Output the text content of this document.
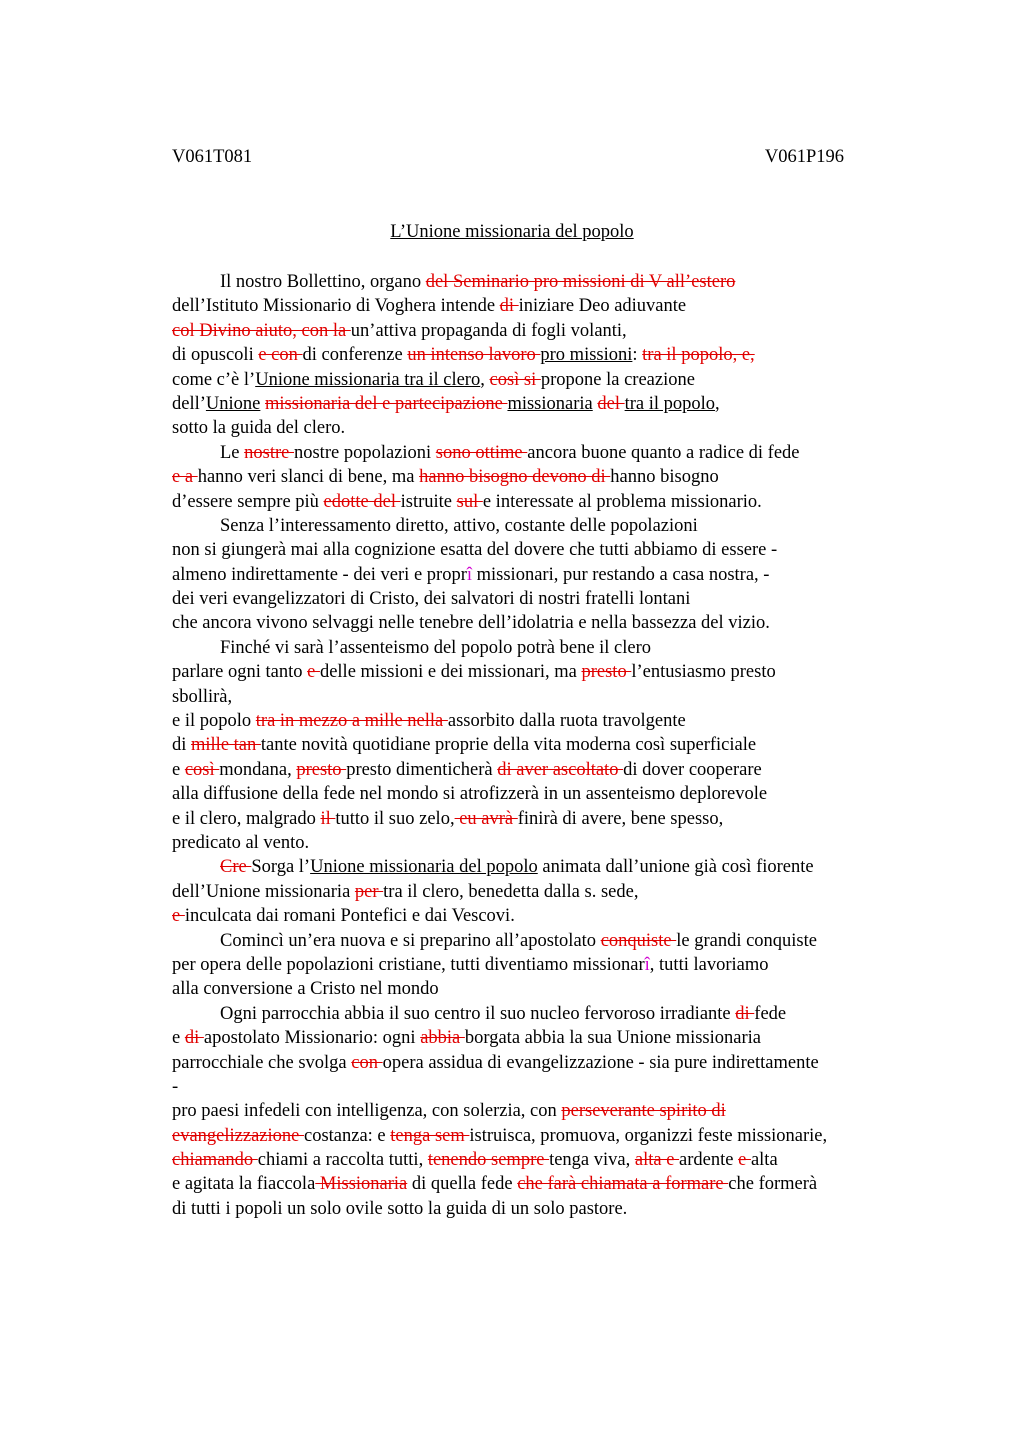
V061T081	V061P196
L’Unione missionaria del popolo
Il nostro Bollettino, organo del Seminario pro missioni di V all’estero
dell’Istituto Missionario di Voghera intende di iniziare Deo adiuvante
col Divino aiuto, con la un’attiva propaganda di fogli volanti,
di opuscoli e con di conferenze un intenso lavoro pro missioni: tra il popolo, e,
come c’è l’Unione missionaria tra il clero, così si propone la creazione
dell’Unione missionaria del e partecipazione missionaria del tra il popolo,
sotto la guida del clero.
Le nostre nostre popolazioni sono ottime ancora buone quanto a radice di fede
e a hanno veri slanci di bene, ma hanno bisogno devono di hanno bisogno
d’essere sempre più edotte del istruite sul e interessate al problema missionario.
Senza l’interessamento diretto, attivo, costante delle popolazioni
non si giungerà mai alla cognizione esatta del dovere che tutti abbiamo di essere -
almeno indirettamente - dei veri e proprî missionari, pur restando a casa nostra, -
dei veri evangelizzatori di Cristo, dei salvatori di nostri fratelli lontani
che ancora vivono selvaggi nelle tenebre dell’idolatria e nella bassezza del vizio.
Finché vi sarà l’assenteismo del popolo potrà bene il clero
parlare ogni tanto e delle missioni e dei missionari, ma presto l’entusiasmo presto
sbollirà,
e il popolo tra in mezzo a mille nella assorbito dalla ruota travolgente
di mille tan tante novità quotidiane proprie della vita moderna così superficiale
e così mondana, presto presto dimenticherà di aver ascoltato di dover cooperare
alla diffusione della fede nel mondo si atrofizzerà in un assenteismo deplorevole
e il clero, malgrado il tutto il suo zelo, eu avrà finirà di avere, bene spesso,
predicato al vento.
Cre Sorga l’Unione missionaria del popolo animata dall’unione già così fiorente
dell’Unione missionaria per tra il clero, benedetta dalla s. sede,
e inculcata dai romani Pontefici e dai Vescovi.
Comincì un’era nuova e si preparino all’apostolato conquiste le grandi conquiste
per opera delle popolazioni cristiane, tutti diventiamo missionarî, tutti lavoriamo
alla conversione a Cristo nel mondo
Ogni parrocchia abbia il suo centro il suo nucleo fervoroso irradiante di fede
e di apostolato Missionario: ogni abbia borgata abbia la sua Unione missionaria
parrocchiale che svolga con opera assidua di evangelizzazione - sia pure indirettamente
-
pro paesi infedeli con intelligenza, con solerzia, con perseverante spirito di
evangelizzazione costanza: e tenga sem istruisca, promuova, organizzi feste missionarie,
chiamando chiami a raccolta tutti, tenendo sempre tenga viva, alta e ardente e alta
e agitata la fiaccola Missionaria di quella fede che farà chiamata a formare che formerà
di tutti i popoli un solo ovile sotto la guida di un solo pastore.
